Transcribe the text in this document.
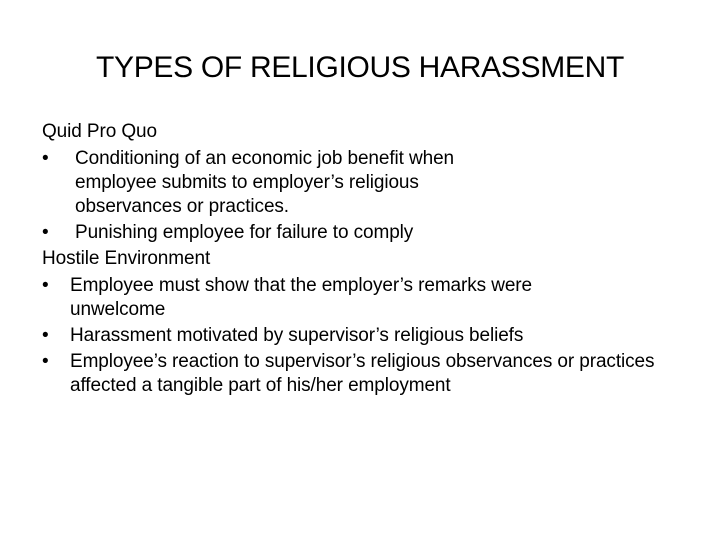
TYPES OF RELIGIOUS HARASSMENT
Quid Pro Quo
•	Conditioning of an economic job benefit when employee submits to employer’s religious observances or practices.
•	Punishing employee for failure to comply
Hostile Environment
•	Employee must show that the employer’s remarks were unwelcome
•	Harassment motivated by supervisor’s religious beliefs
•	Employee’s reaction to supervisor’s religious observances or practices affected a tangible part of his/her employment
